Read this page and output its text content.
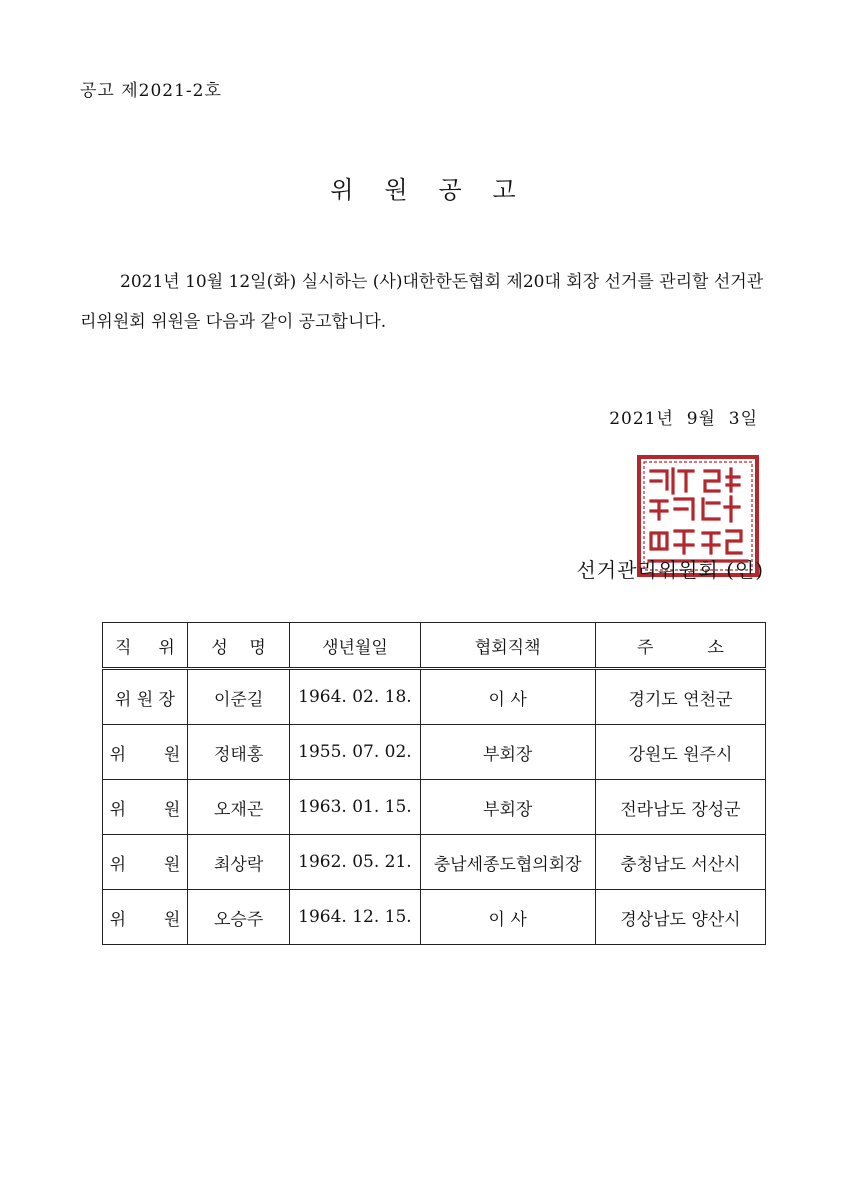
공고 제2021-2호
위   원   공   고
2021년 10월 12일(화) 실시하는 (사)대한한돈협회 제20대 회장 선거를 관리할 선거관리위원회 위원을 다음과 같이 공고합니다.
2021년  9월  3일
선거관리위원회 (인)
직     위	성    명	생년월일	협회직책	주          소
위 원 장	이준길	1964. 02. 18.	이 사	경기도 연천군
위       원	정태홍	1955. 07. 02.	부회장	강원도 원주시
위       원	오재곤	1963. 01. 15.	부회장	전라남도 장성군
위       원	최상락	1962. 05. 21.	충남세종도협의회장	충청남도 서산시
위       원	오승주	1964. 12. 15.	이 사	경상남도 양산시
